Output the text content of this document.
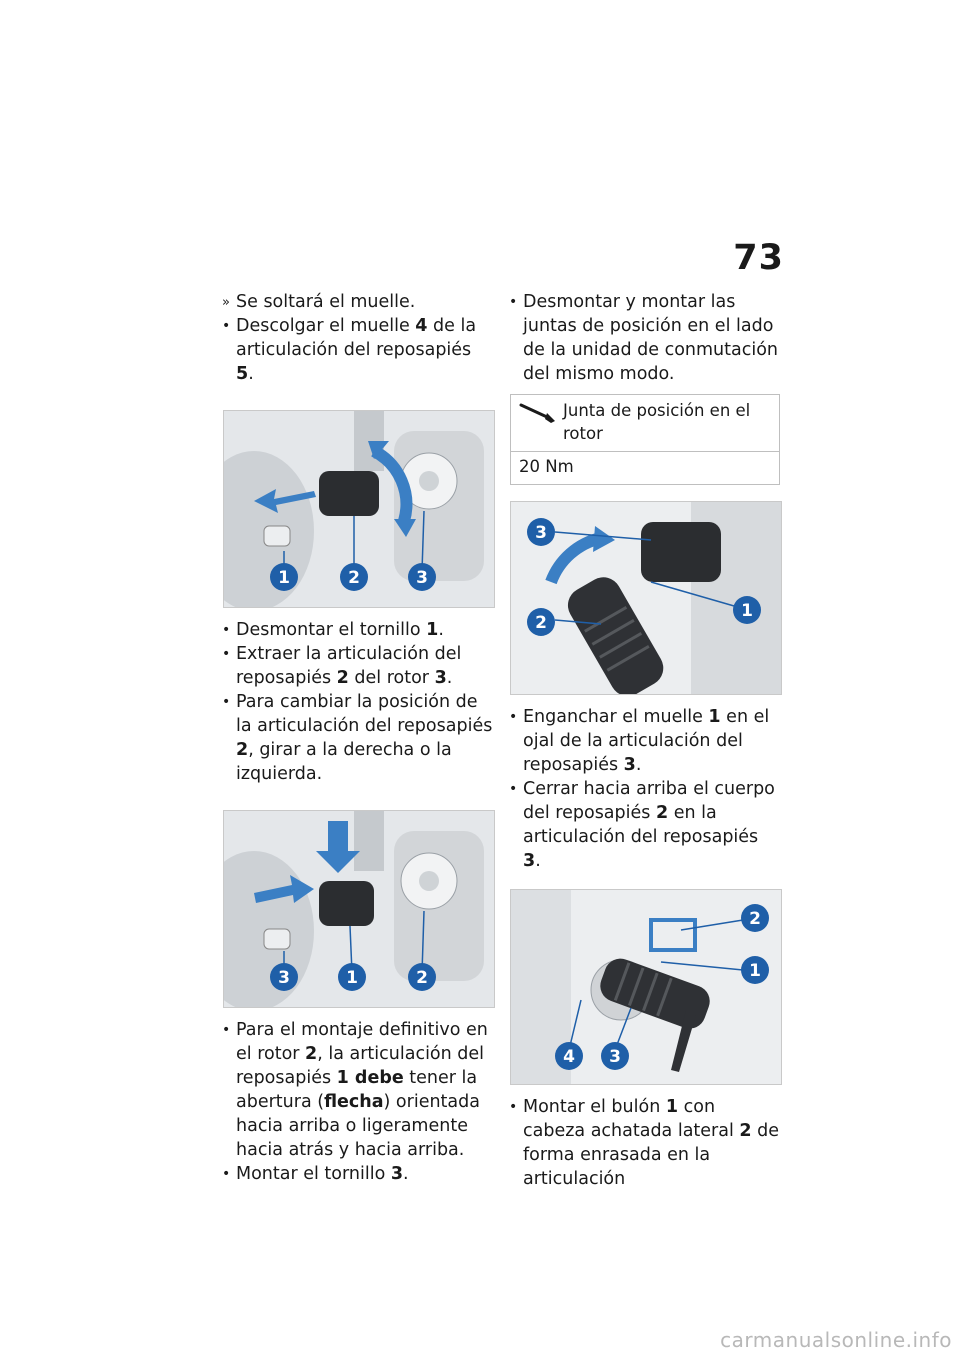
73

» Se soltará el muelle.

• Descolgar el muelle 4 de la articulación del reposapiés 5.

1	2	3

• Desmontar el tornillo 1.

• Extraer la articulación del reposapiés 2 del rotor 3.

• Para cambiar la posición de la articulación del reposapiés 2, girar a la derecha o la izquierda.

3	1	2

• Para el montaje definitivo en el rotor 2, la articulación del reposapiés 1 debe tener la abertura (flecha) orientada hacia arriba o ligeramente hacia atrás y hacia arriba.

• Montar el tornillo 3.

• Desmontar y montar las juntas de posición en el lado de la unidad de conmutación del mismo modo.

Junta de posición en el rotor
20 Nm
3
2
1

• Enganchar el muelle 1 en el ojal de la articulación del reposapiés 3.

• Cerrar hacia arriba el cuerpo del reposapiés 2 en la articulación del reposapiés 3.

2
1
4 3

• Montar el bulón 1 con cabeza achatada lateral 2 de forma enrasada en la articulación

carmanualsonline.info
